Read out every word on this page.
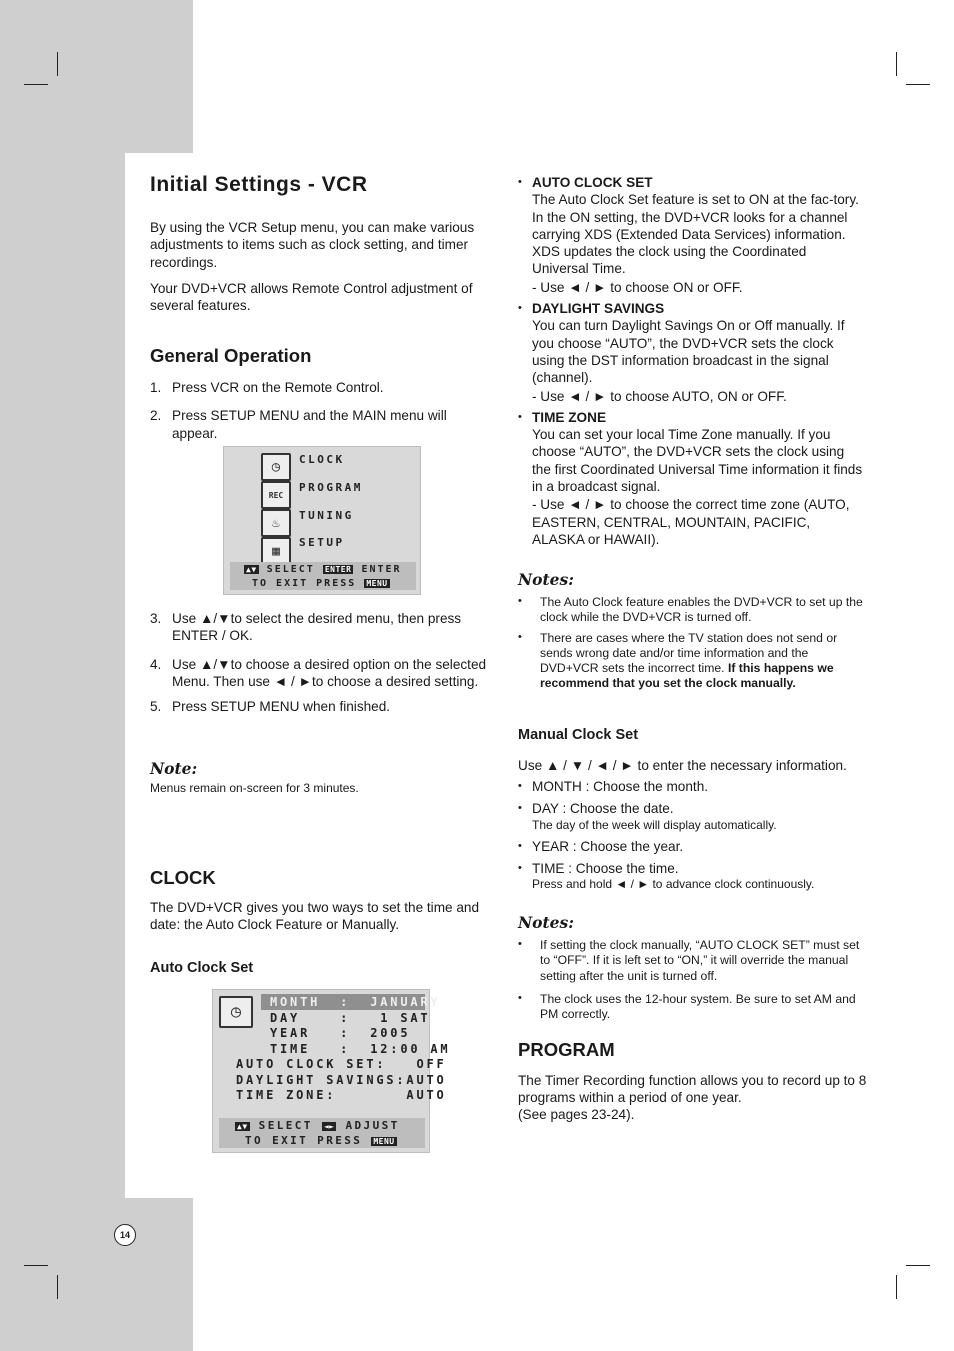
Initial Settings - VCR
By using the VCR Setup menu, you can make various adjustments to items such as clock setting, and timer recordings.
Your DVD+VCR allows Remote Control adjustment of several features.
General Operation
1. Press VCR on the Remote Control.
2. Press SETUP MENU and the MAIN menu will appear.
◷
REC
♨
▦
CLOCK
PROGRAM
TUNING
SETUP
▲▼ SELECT ENTER ENTER
TO EXIT PRESS MENU
3. Use ▲/▼to select the desired menu, then press ENTER / OK.
4. Use ▲/▼to choose a desired option on the selected Menu. Then use ◄ / ►to choose a desired setting.
5. Press SETUP MENU when finished.
Note:
Menus remain on-screen for 3 minutes.
CLOCK
The DVD+VCR gives you two ways to set the time and date: the Auto Clock Feature or Manually.
Auto Clock Set
◷	MONTH  :  JANUARY
DAY    :   1 SAT
YEAR   :  2005
TIME   :  12:00 AM
AUTO CLOCK SET:   OFF
DAYLIGHT SAVINGS:AUTO
TIME ZONE:       AUTO
▲▼ SELECT ◄► ADJUST
TO EXIT PRESS MENU
• AUTO CLOCK SET
The Auto Clock Set feature is set to ON at the fac-tory. In the ON setting, the DVD+VCR looks for a channel carrying XDS (Extended Data Services) information. XDS updates the clock using the Coordinated Universal Time.
- Use ◄ / ► to choose ON or OFF.
• DAYLIGHT SAVINGS
You can turn Daylight Savings On or Off manually. If you choose “AUTO”, the DVD+VCR sets the clock using the DST information broadcast in the signal (channel).
- Use ◄ / ► to choose AUTO, ON or OFF.
• TIME ZONE
You can set your local Time Zone manually. If you choose “AUTO”, the DVD+VCR sets the clock using the first Coordinated Universal Time information it finds in a broadcast signal.
- Use ◄ / ► to choose the correct time zone (AUTO, EASTERN, CENTRAL, MOUNTAIN, PACIFIC, ALASKA or HAWAII).
Notes:
• The Auto Clock feature enables the DVD+VCR to set up the clock while the DVD+VCR is turned off.
• There are cases where the TV station does not send or sends wrong date and/or time information and the DVD+VCR sets the incorrect time. If this happens we recommend that you set the clock manually.
Manual Clock Set
Use ▲ / ▼ / ◄ / ► to enter the necessary information.
• MONTH : Choose the month.
• DAY : Choose the date.
The day of the week will display automatically.
• YEAR : Choose the year.
• TIME : Choose the time.
Press and hold ◄ / ► to advance clock continuously.
Notes:
• If setting the clock manually, “AUTO CLOCK SET” must set to “OFF”. If it is left set to “ON,” it will override the manual setting after the unit is turned off.
• The clock uses the 12-hour system. Be sure to set AM and PM correctly.
PROGRAM
The Timer Recording function allows you to record up to 8 programs within a period of one year.
(See pages 23-24).
14
